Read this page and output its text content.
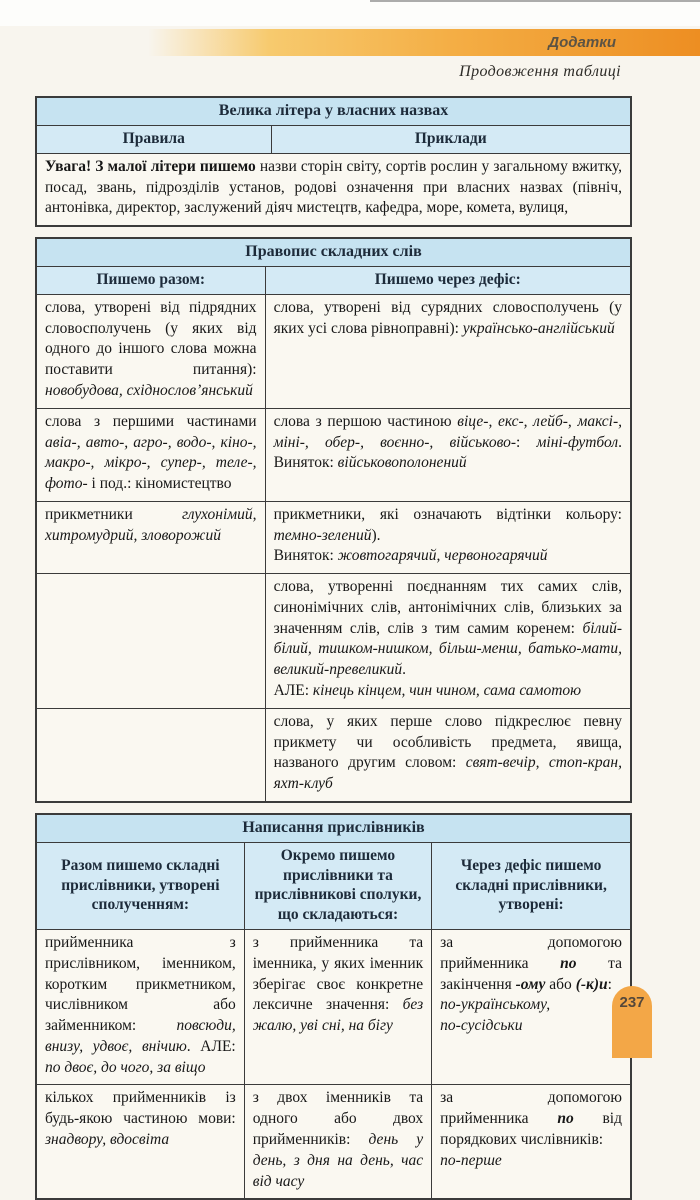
Додатки
Продовження таблиці
Велика літера у власних назвах
Правила	Приклади
Увага! З малої літери пишемо назви сторін світу, сортів рослин у загальному вжитку, посад, звань, підрозділів установ, родові означення при власних назвах (північ, антонівка, директор, заслужений діяч мистецтв, кафедра, море, комета, вулиця,
Правопис складних слів	
Пишемо разом:	Пишемо через дефіс:
слова, утворені від підрядних словосполучень (у яких від одного до іншого слова можна поставити питання): новобудова, східнослов’янський	слова, утворені від сурядних словосполучень (у яких усі слова рівноправні): українсько-англійський
слова з першими частинами авіа-, авто-, агро-, водо-, кіно-, макро-, мікро-, супер-, теле-, фото- і под.: кіномистецтво	слова з першою частиною віце-, екс-, лейб-, максі-, міні-, обер-, воєнно-, військово-: міні-футбол. Виняток: військовополонений
прикметники глухонімий, хитромудрий, зловорожий	прикметники, які означають відтінки кольору: темно-зелений).
Виняток: жовтогарячий, червоногарячий
	слова, утворенні поєднанням тих самих слів, синонімічних слів, антонімічних слів, близьких за значенням слів, слів з тим самим коренем: білий-білий, тишком-нишком, більш-менш, батько-мати, великий-превеликий.
АЛЕ: кінець кінцем, чин чином, сама самотою
	слова, у яких перше слово підкреслює певну прикмету чи особливість предмета, явища, названого другим словом: свят-вечір, стоп-кран, яхт-клуб
Написання прислівників		
Разом пишемо складні прислівники, утворені сполученням:	Окремо пишемо прислівники та прислівникові сполуки, що складаються:	Через дефіс пишемо складні прислівники, утворені:
прийменника з прислівником, іменником, коротким прикметником, числівником або займенником: повсюди, внизу, удвоє, внічию. АЛЕ: по двоє, до чого, за віщо	з прийменника та іменника, у яких іменник зберігає своє конкретне лексичне значення: без жалю, уві сні, на бігу	за допомогою прийменника по та закінчення -ому або (-к)и:
по-українському,
по-сусідськи
кількох прийменників із будь-якою частиною мови: знадвору, вдосвіта	з двох іменників та одного або двох прийменників: день у день, з дня на день, час від часу	за допомогою прийменника по від порядкових числівників:
по-перше
237
